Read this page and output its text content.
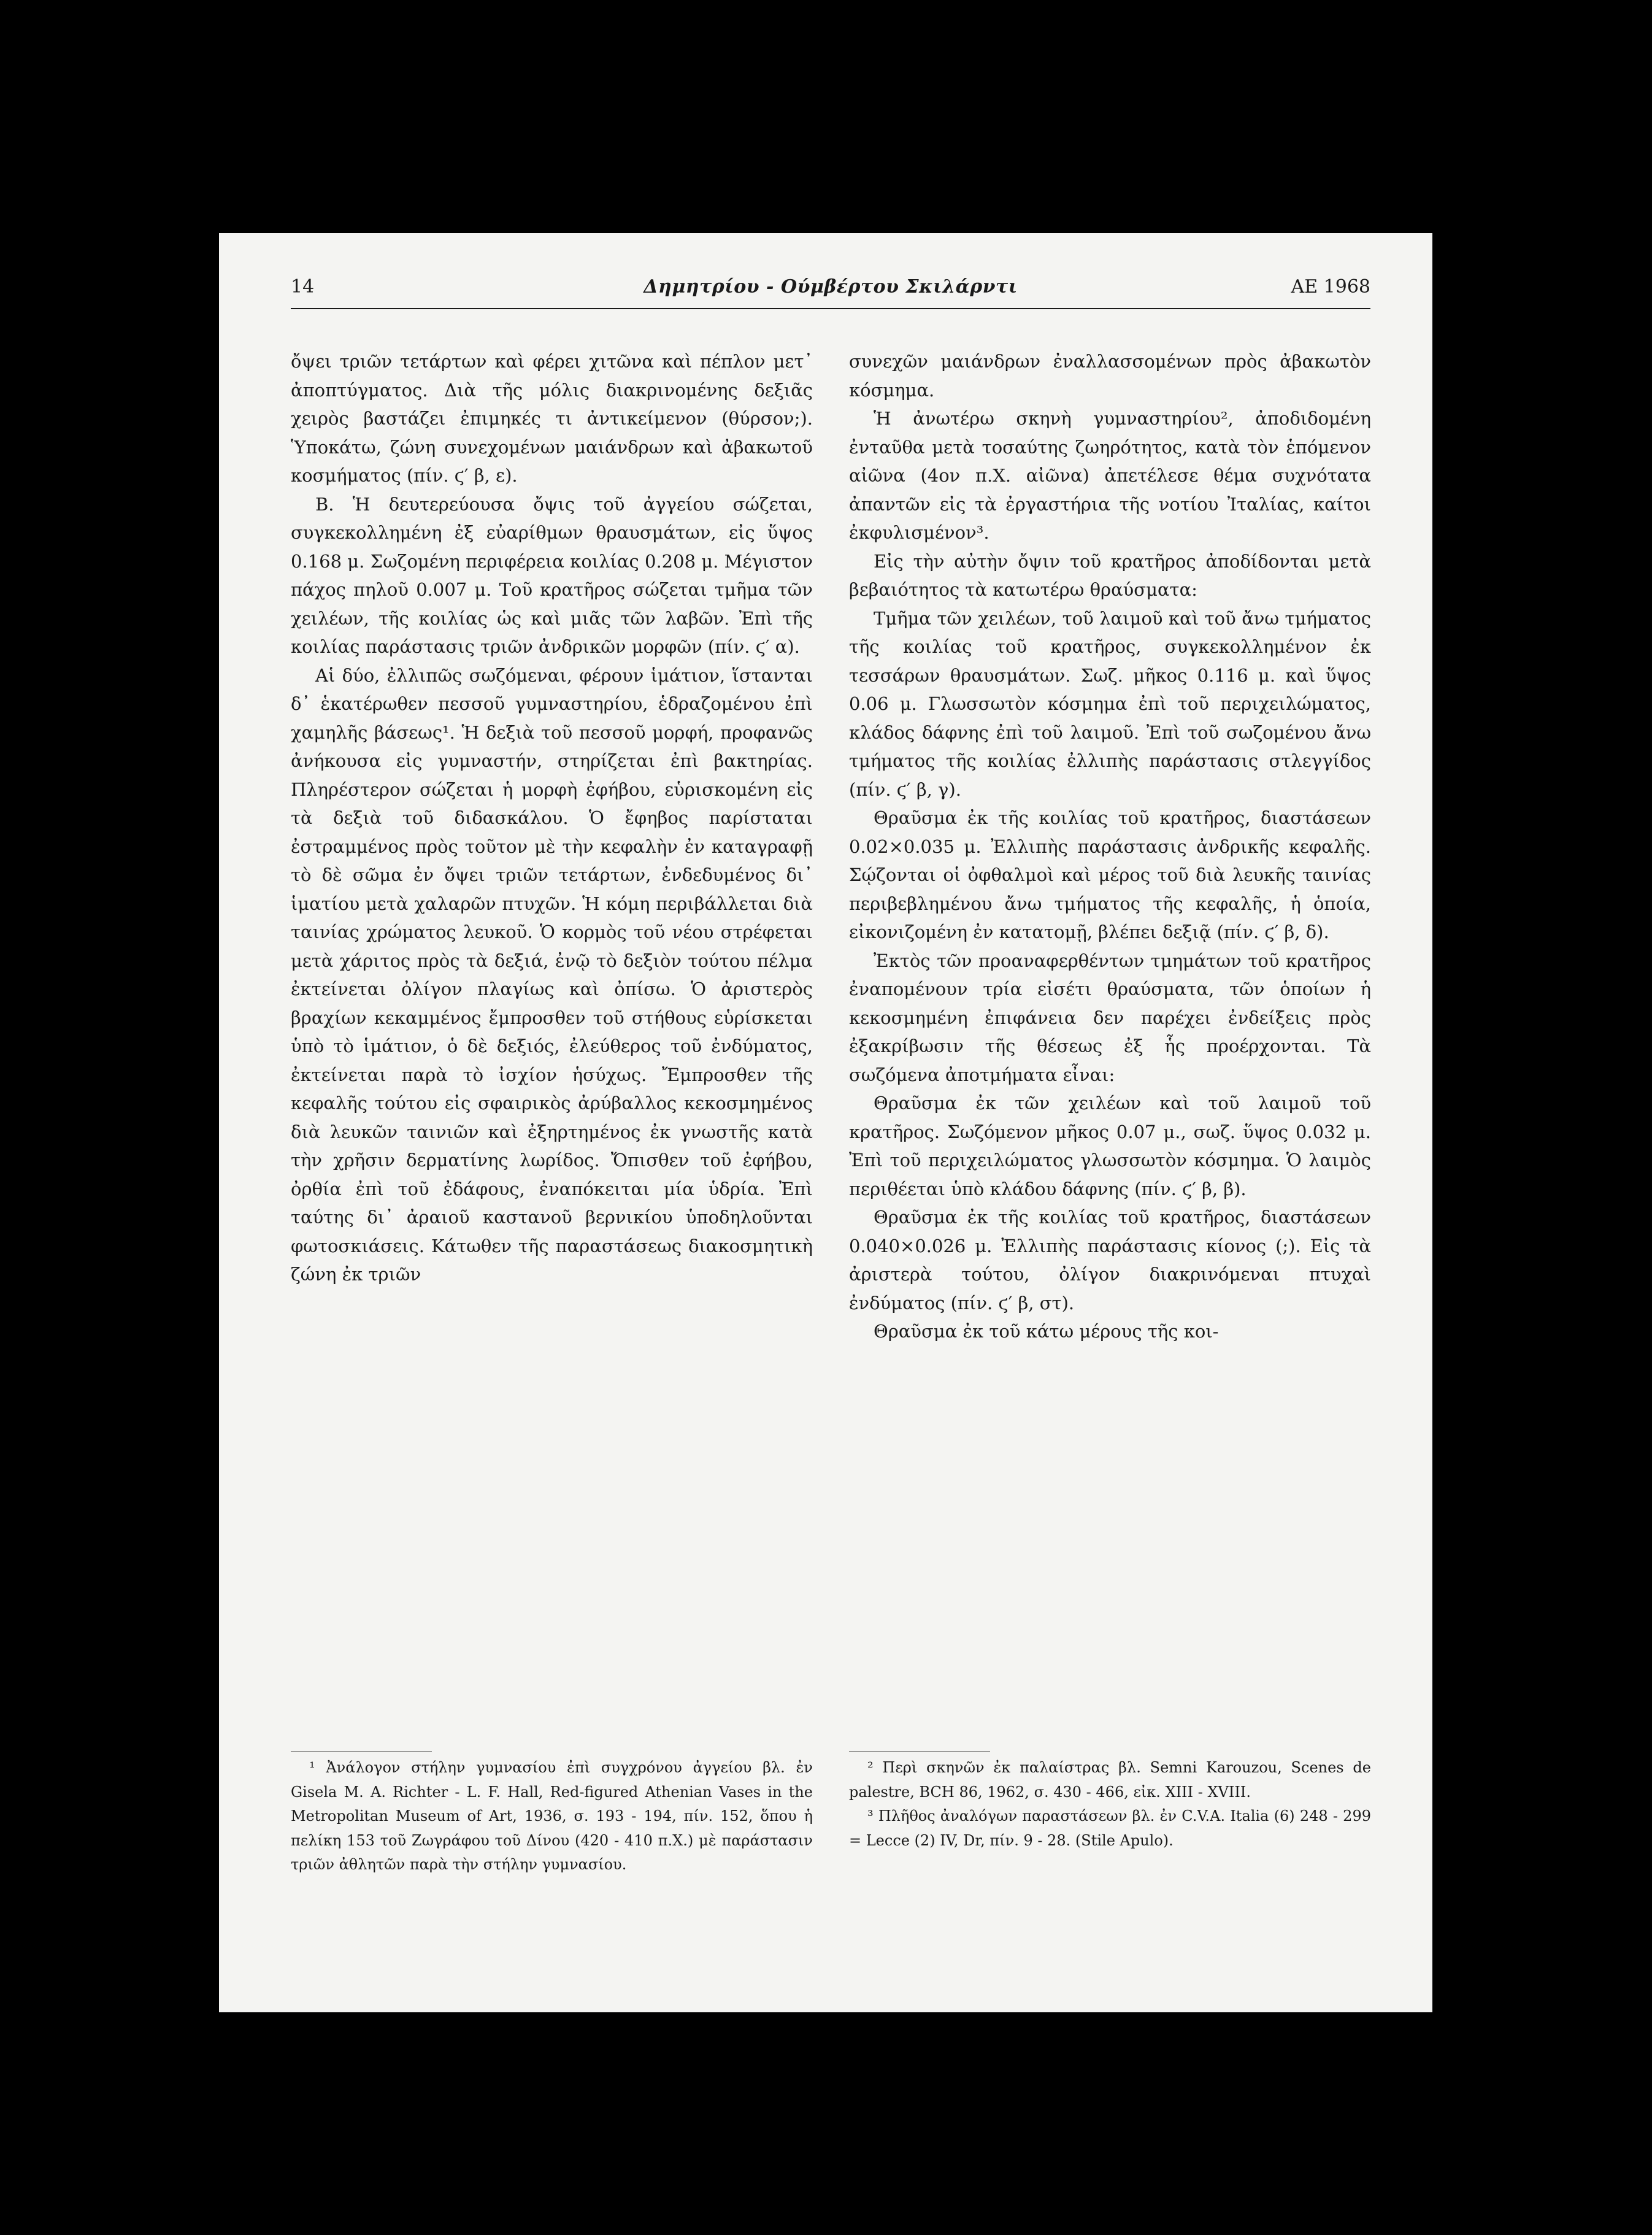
14	Δημητρίου - Ούμβέρτου Σκιλάρντι	ΑΕ 1968

ὄψει τριῶν τετάρτων καὶ φέρει χιτῶνα καὶ πέπλον μετ᾽ ἀποπτύγματος. Διὰ τῆς μόλις διακρινομένης δεξιᾶς χειρὸς βαστάζει ἐπιμηκές τι ἀντικείμενον (θύρσον;). Ὑποκάτω, ζώνη συνεχομένων μαιάνδρων καὶ ἀβακωτοῦ κοσμήματος (πίν. ϛ′ β, ε).

Β. Ἡ δευτερεύουσα ὄψις τοῦ ἀγγείου σώζεται, συγκεκολλημένη ἐξ εὐαρίθμων θραυσμάτων, εἰς ὕψος 0.168 μ. Σωζομένη περιφέρεια κοιλίας 0.208 μ. Μέγιστον πάχος πηλοῦ 0.007 μ. Τοῦ κρατῆρος σώζεται τμῆμα τῶν χειλέων, τῆς κοιλίας ὡς καὶ μιᾶς τῶν λαβῶν. Ἐπὶ τῆς κοιλίας παράστασις τριῶν ἀνδρικῶν μορφῶν (πίν. ϛ′ α).

Αἱ δύο, ἐλλιπῶς σωζόμεναι, φέρουν ἱμάτιον, ἵστανται δ᾽ ἑκατέρωθεν πεσσοῦ γυμναστηρίου, ἑδραζομένου ἐπὶ χαμηλῆς βάσεως¹. Ἡ δεξιὰ τοῦ πεσσοῦ μορφή, προφανῶς ἀνήκουσα εἰς γυμναστήν, στηρίζεται ἐπὶ βακτηρίας. Πληρέστερον σώζεται ἡ μορφὴ ἐφήβου, εὑρισκομένη εἰς τὰ δεξιὰ τοῦ διδασκάλου. Ὁ ἔφηβος παρίσταται ἐστραμμένος πρὸς τοῦτον μὲ τὴν κεφαλὴν ἐν καταγραφῇ τὸ δὲ σῶμα ἐν ὄψει τριῶν τετάρτων, ἐνδεδυμένος δι᾽ ἱματίου μετὰ χαλαρῶν πτυχῶν. Ἡ κόμη περιβάλλεται διὰ ταινίας χρώματος λευκοῦ. Ὁ κορμὸς τοῦ νέου στρέφεται μετὰ χάριτος πρὸς τὰ δεξιά, ἐνῷ τὸ δεξιὸν τούτου πέλμα ἐκτείνεται ὀλίγον πλαγίως καὶ ὀπίσω. Ὁ ἀριστερὸς βραχίων κεκαμμένος ἔμπροσθεν τοῦ στήθους εὑρίσκεται ὑπὸ τὸ ἱμάτιον, ὁ δὲ δεξιός, ἐλεύθερος τοῦ ἐνδύματος, ἐκτείνεται παρὰ τὸ ἰσχίον ἡσύχως. Ἔμπροσθεν τῆς κεφαλῆς τούτου εἰς σφαιρικὸς ἀρύβαλλος κεκοσμημένος διὰ λευκῶν ταινιῶν καὶ ἐξηρτημένος ἐκ γνωστῆς κατὰ τὴν χρῆσιν δερματίνης λωρίδος. Ὄπισθεν τοῦ ἐφήβου, ὀρθία ἐπὶ τοῦ ἐδάφους, ἐναπόκειται μία ὑδρία. Ἐπὶ ταύτης δι᾽ ἀραιοῦ καστανοῦ βερνικίου ὑποδηλοῦνται φωτοσκιάσεις. Κάτωθεν τῆς παραστάσεως διακοσμητικὴ ζώνη ἐκ τριῶν

συνεχῶν μαιάνδρων ἐναλλασσομένων πρὸς ἀβακωτὸν κόσμημα.

Ἡ ἀνωτέρω σκηνὴ γυμναστηρίου², ἀποδιδομένη ἐνταῦθα μετὰ τοσαύτης ζωηρότητος, κατὰ τὸν ἑπόμενον αἰῶνα (4ον π.Χ. αἰῶνα) ἀπετέλεσε θέμα συχνότατα ἀπαντῶν εἰς τὰ ἐργαστήρια τῆς νοτίου Ἰταλίας, καίτοι ἐκφυλισμένον³.

Εἰς τὴν αὐτὴν ὄψιν τοῦ κρατῆρος ἀποδίδονται μετὰ βεβαιότητος τὰ κατωτέρω θραύσματα:

Τμῆμα τῶν χειλέων, τοῦ λαιμοῦ καὶ τοῦ ἄνω τμήματος τῆς κοιλίας τοῦ κρατῆρος, συγκεκολλημένον ἐκ τεσσάρων θραυσμάτων. Σωζ. μῆκος 0.116 μ. καὶ ὕψος 0.06 μ. Γλωσσωτὸν κόσμημα ἐπὶ τοῦ περιχειλώματος, κλάδος δάφνης ἐπὶ τοῦ λαιμοῦ. Ἐπὶ τοῦ σωζομένου ἄνω τμήματος τῆς κοιλίας ἐλλιπὴς παράστασις στλεγγίδος (πίν. ϛ′ β, γ).

Θραῦσμα ἐκ τῆς κοιλίας τοῦ κρατῆρος, διαστάσεων 0.02×0.035 μ. Ἐλλιπὴς παράστασις ἀνδρικῆς κεφαλῆς. Σῴζονται οἱ ὀφθαλμοὶ καὶ μέρος τοῦ διὰ λευκῆς ταινίας περιβεβλημένου ἄνω τμήματος τῆς κεφαλῆς, ἡ ὁποία, εἰκονιζομένη ἐν κατατομῇ, βλέπει δεξιᾷ (πίν. ϛ′ β, δ).

Ἐκτὸς τῶν προαναφερθέντων τμημάτων τοῦ κρατῆρος ἐναπομένουν τρία εἰσέτι θραύσματα, τῶν ὁποίων ἡ κεκοσμημένη ἐπιφάνεια δεν παρέχει ἐνδείξεις πρὸς ἐξακρίβωσιν τῆς θέσεως ἐξ ἧς προέρχονται. Τὰ σωζόμενα ἀποτμήματα εἶναι:

Θραῦσμα ἐκ τῶν χειλέων καὶ τοῦ λαιμοῦ τοῦ κρατῆρος. Σωζόμενον μῆκος 0.07 μ., σωζ. ὕψος 0.032 μ. Ἐπὶ τοῦ περιχειλώματος γλωσσωτὸν κόσμημα. Ὁ λαιμὸς περιθέεται ὑπὸ κλάδου δάφνης (πίν. ϛ′ β, β).

Θραῦσμα ἐκ τῆς κοιλίας τοῦ κρατῆρος, διαστάσεων 0.040×0.026 μ. Ἐλλιπὴς παράστασις κίονος (;). Εἰς τὰ ἀριστερὰ τούτου, ὀλίγον διακρινόμεναι πτυχαὶ ἐνδύματος (πίν. ϛ′ β, στ).

Θραῦσμα ἐκ τοῦ κάτω μέρους τῆς κοι-

¹ Ἀνάλογον στήλην γυμνασίου ἐπὶ συγχρόνου ἀγγείου βλ. ἐν Gisela M. A. Richter - L. F. Hall, Red-figured Athenian Vases in the Metropolitan Museum of Art, 1936, σ. 193 - 194, πίν. 152, ὅπου ἡ πελίκη 153 τοῦ Ζωγράφου τοῦ Δίνου (420 - 410 π.Χ.) μὲ παράστασιν τριῶν ἀθλητῶν παρὰ τὴν στήλην γυμνασίου.

² Περὶ σκηνῶν ἐκ παλαίστρας βλ. Semni Karouzou, Scenes de palestre, BCH 86, 1962, σ. 430 - 466, εἰκ. XIII - XVIII.

³ Πλῆθος ἀναλόγων παραστάσεων βλ. ἐν C.V.A. Italia (6) 248 - 299 = Lecce (2) IV, Dr, πίν. 9 - 28. (Stile Apulo).
